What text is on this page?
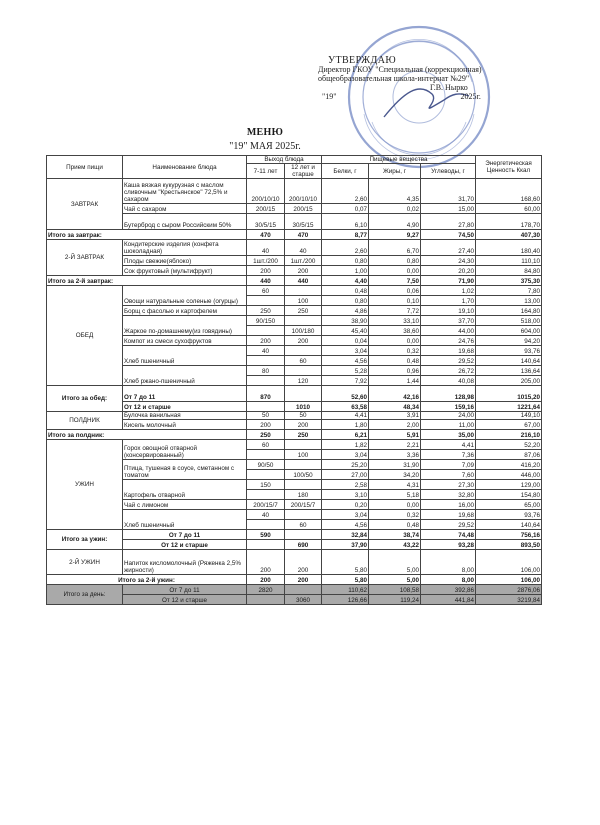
УТВЕРЖДАЮ
Директор ГКОУ "Специальная (коррекционная)
общеобразовательная школа-интернат №29"
Г.В. Нырко
"19"	2025г.
МЕНЮ
"19" МАЯ 2025г.
Прием пищи	Наименование блюда	Выход блюда		Пищевые вещества			Энергетическая Ценность Ккал
		7-11 лет	12 лет и старше	Белки, г	Жиры, г	Углеводы, г	
ЗАВТРАК	Каша вязкая кукурузная с маслом сливочным "Крестьянское" 72,5% и сахаром	200/10/10	200/10/10	2,60	4,35	31,70	168,60
	Чай с сахаром	200/15	200/15	0,07	0,02	15,00	60,00
	Бутерброд с сыром Российским 50%	30/5/15	30/5/15	6,10	4,90	27,80	178,70
Итого за завтрак:		470	470	8,77	9,27	74,50	407,30
2-Й ЗАВТРАК	Кондитерские изделия (конфета шоколадная)	40	40	2,60	6,70	27,40	180,40
	Плоды свежие(яблоко)	1шт./200	1шт./200	0,80	0,80	24,30	110,10
	Сок фруктовый (мультифрукт)	200	200	1,00	0,00	20,20	84,80
Итого за 2-й завтрак:		440	440	4,40	7,50	71,90	375,30
ОБЕД	Овощи натуральные соленые (огурцы)	60		0,48	0,06	1,02	7,80
			100	0,80	0,10	1,70	13,00
	Борщ с фасолью и картофелем	250	250	4,86	7,72	19,10	164,80
	Жаркое по-домашнему(из говядины)	90/150		38,90	33,10	37,70	518,00
			100/180	45,40	38,60	44,00	604,00
	Компот из смеси сухофруктов	200	200	0,04	0,00	24,76	94,20
	Хлеб пшеничный	40		3,04	0,32	19,68	93,76
			60	4,56	0,48	29,52	140,64
	Хлеб ржано-пшеничный	80		5,28	0,96	26,72	136,64
			120	7,92	1,44	40,08	205,00
Итого за обед:	От 7 до 11	870		52,60	42,16	128,98	1015,20
	От 12 и старше		1010	63,58	48,34	159,16	1221,64
ПОЛДНИК	Булочка ванильная	50	50	4,41	3,91	24,00	149,10
	Кисель молочный	200	200	1,80	2,00	11,00	67,00
Итого за полдник:		250	250	6,21	5,91	35,00	216,10
УЖИН	Горох овощной отварной (консервированный)	60		1,82	2,21	4,41	52,20
			100	3,04	3,36	7,36	87,06
	Птица, тушеная в соусе, сметанном с томатом	90/50		25,20	31,90	7,09	416,20
			100/50	27,00	34,20	7,60	446,00
	Картофель отварной	150		2,58	4,31	27,30	129,00
			180	3,10	5,18	32,80	154,80
	Чай с лимоном	200/15/7	200/15/7	0,20	0,00	16,00	65,00
	Хлеб пшеничный	40		3,04	0,32	19,68	93,76
			60	4,56	0,48	29,52	140,64
Итого за ужин:	От 7 до 11	590		32,84	38,74	74,48	756,16
	От 12 и старше		690	37,90	43,22	93,28	893,50
2-Й УЖИН	Напиток кисломолочный (Ряженка 2,5% жирности)	200	200	5,80	5,00	8,00	106,00
Итого за 2-й ужин:		200	200	5,80	5,00	8,00	106,00
Итого за день:	От 7 до 11	2820		110,62	108,58	392,86	2876,06
	От 12 и старше		3060	126,66	119,24	441,84	3219,84
